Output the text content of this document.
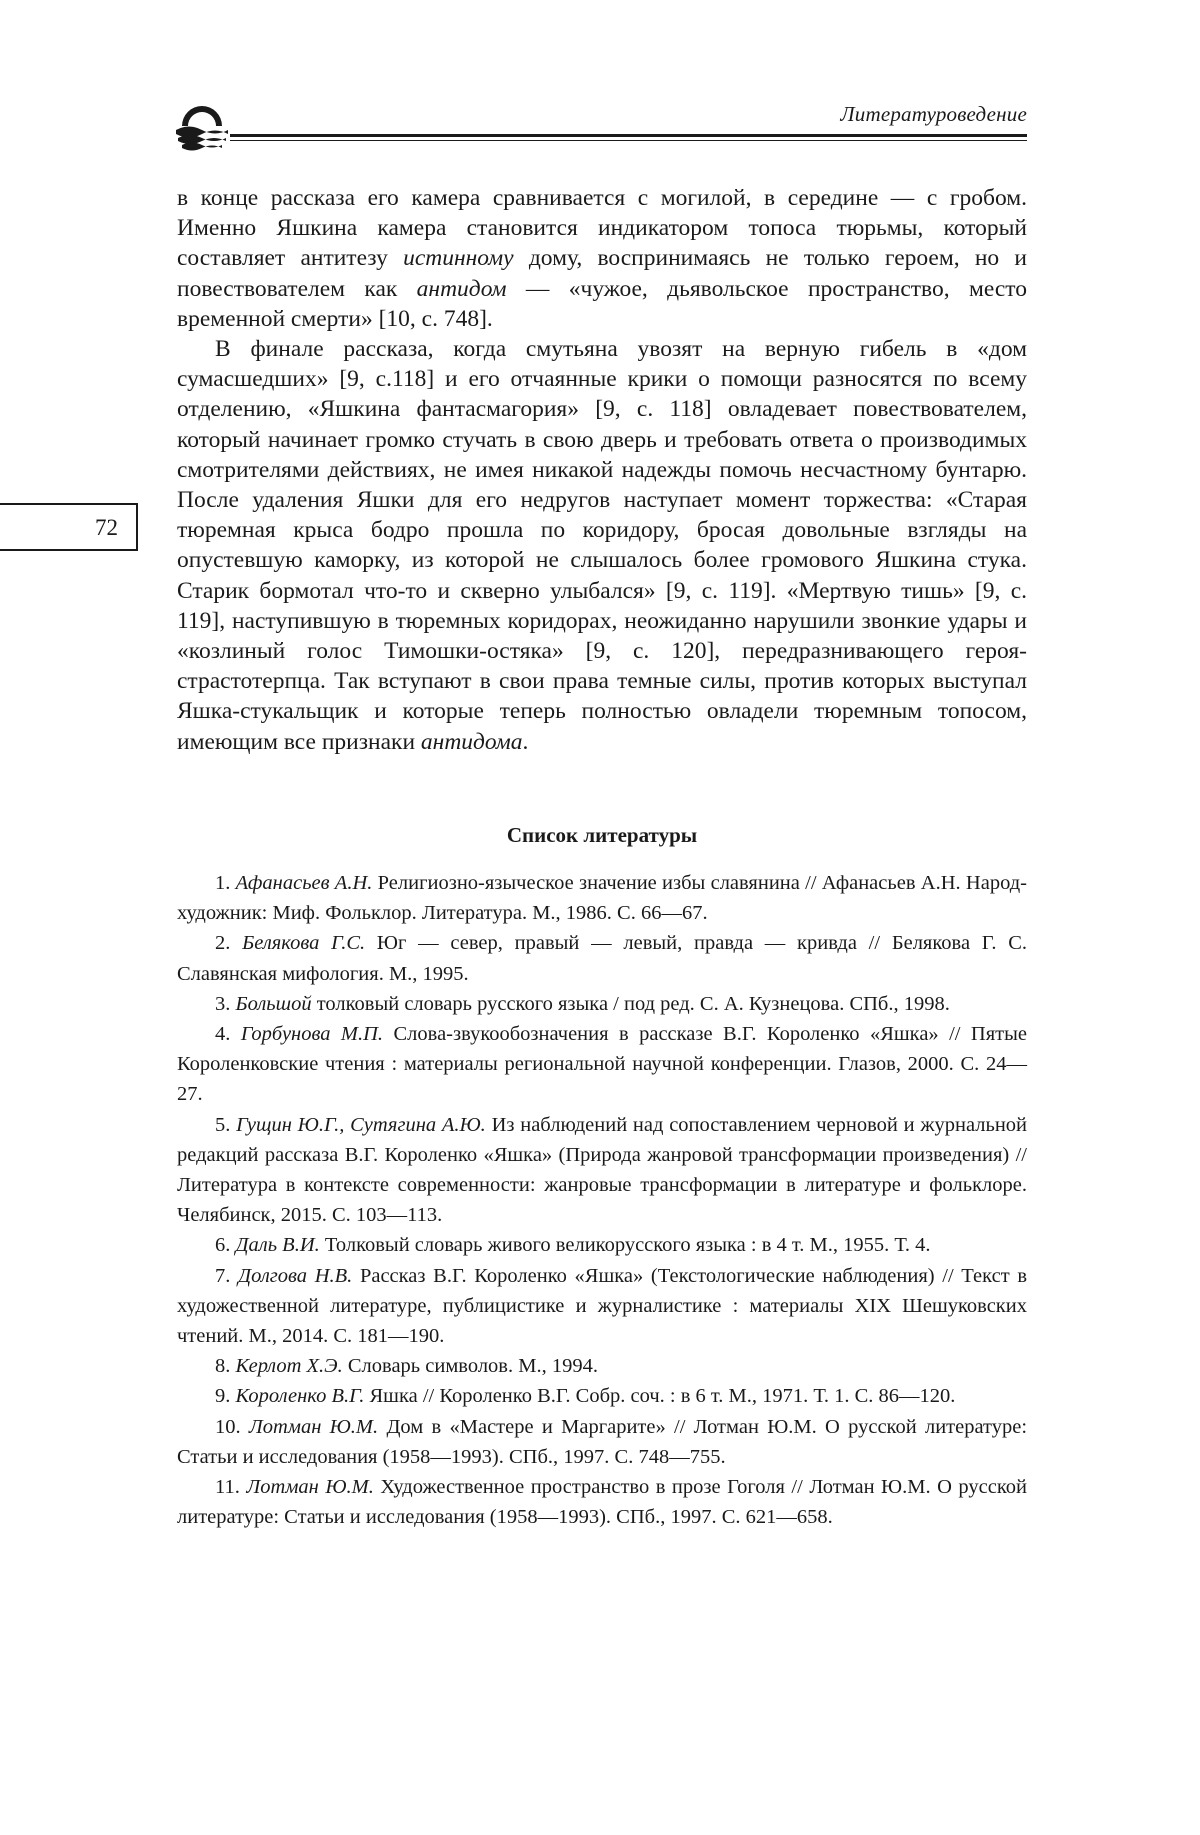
Литературоведение
72

в конце рассказа его камера сравнивается с могилой, в середине — с гробом. Именно Яшкина камера становится индикатором топоса тюрьмы, который составляет антитезу истинному дому, воспринимаясь не только героем, но и повествователем как антидом — «чужое, дьявольское пространство, место временной смерти» [10, с. 748].

В финале рассказа, когда смутьяна увозят на верную гибель в «дом сумасшедших» [9, с.118] и его отчаянные крики о помощи разносятся по всему отделению, «Яшкина фантасмагория» [9, с. 118] овладевает повествователем, который начинает громко стучать в свою дверь и требовать ответа о производимых смотрителями действиях, не имея никакой надежды помочь несчастному бунтарю. После удаления Яшки для его недругов наступает момент торжества: «Старая тюремная крыса бодро прошла по коридору, бросая довольные взгляды на опустевшую каморку, из которой не слышалось более громового Яшкина стука. Старик бормотал что-то и скверно улыбался» [9, с. 119]. «Мертвую тишь» [9, с. 119], наступившую в тюремных коридорах, неожиданно нарушили звонкие удары и «козлиный голос Тимошки-остяка» [9, с. 120], передразнивающего героя-страстотерпца. Так вступают в свои права темные силы, против которых выступал Яшка-стукальщик и которые теперь полностью овладели тюремным топосом, имеющим все признаки антидома.

Список литературы

1. Афанасьев А.Н. Религиозно-языческое значение избы славянина // Афанасьев А.Н. Народ-художник: Миф. Фольклор. Литература. М., 1986. С. 66—67.

2. Белякова Г.С. Юг — север, правый — левый, правда — кривда // Белякова Г. С. Славянская мифология. М., 1995.

3. Большой толковый словарь русского языка / под ред. С. А. Кузнецова. СПб., 1998.

4. Горбунова М.П. Слова-звукообозначения в рассказе В.Г. Короленко «Яшка» // Пятые Короленковские чтения : материалы региональной научной конференции. Глазов, 2000. С. 24—27.

5. Гущин Ю.Г., Сутягина А.Ю. Из наблюдений над сопоставлением черновой и журнальной редакций рассказа В.Г. Короленко «Яшка» (Природа жанровой трансформации произведения) // Литература в контексте современности: жанровые трансформации в литературе и фольклоре. Челябинск, 2015. С. 103—113.

6. Даль В.И. Толковый словарь живого великорусского языка : в 4 т. М., 1955. Т. 4.

7. Долгова Н.В. Рассказ В.Г. Короленко «Яшка» (Текстологические наблюдения) // Текст в художественной литературе, публицистике и журналистике : материалы XIX Шешуковских чтений. М., 2014. С. 181—190.

8. Керлот Х.Э. Словарь символов. М., 1994.

9. Короленко В.Г. Яшка // Короленко В.Г. Собр. соч. : в 6 т. М., 1971. Т. 1. С. 86—120.

10. Лотман Ю.М. Дом в «Мастере и Маргарите» // Лотман Ю.М. О русской литературе: Статьи и исследования (1958—1993). СПб., 1997. С. 748—755.

11. Лотман Ю.М. Художественное пространство в прозе Гоголя // Лотман Ю.М. О русской литературе: Статьи и исследования (1958—1993). СПб., 1997. С. 621—658.
